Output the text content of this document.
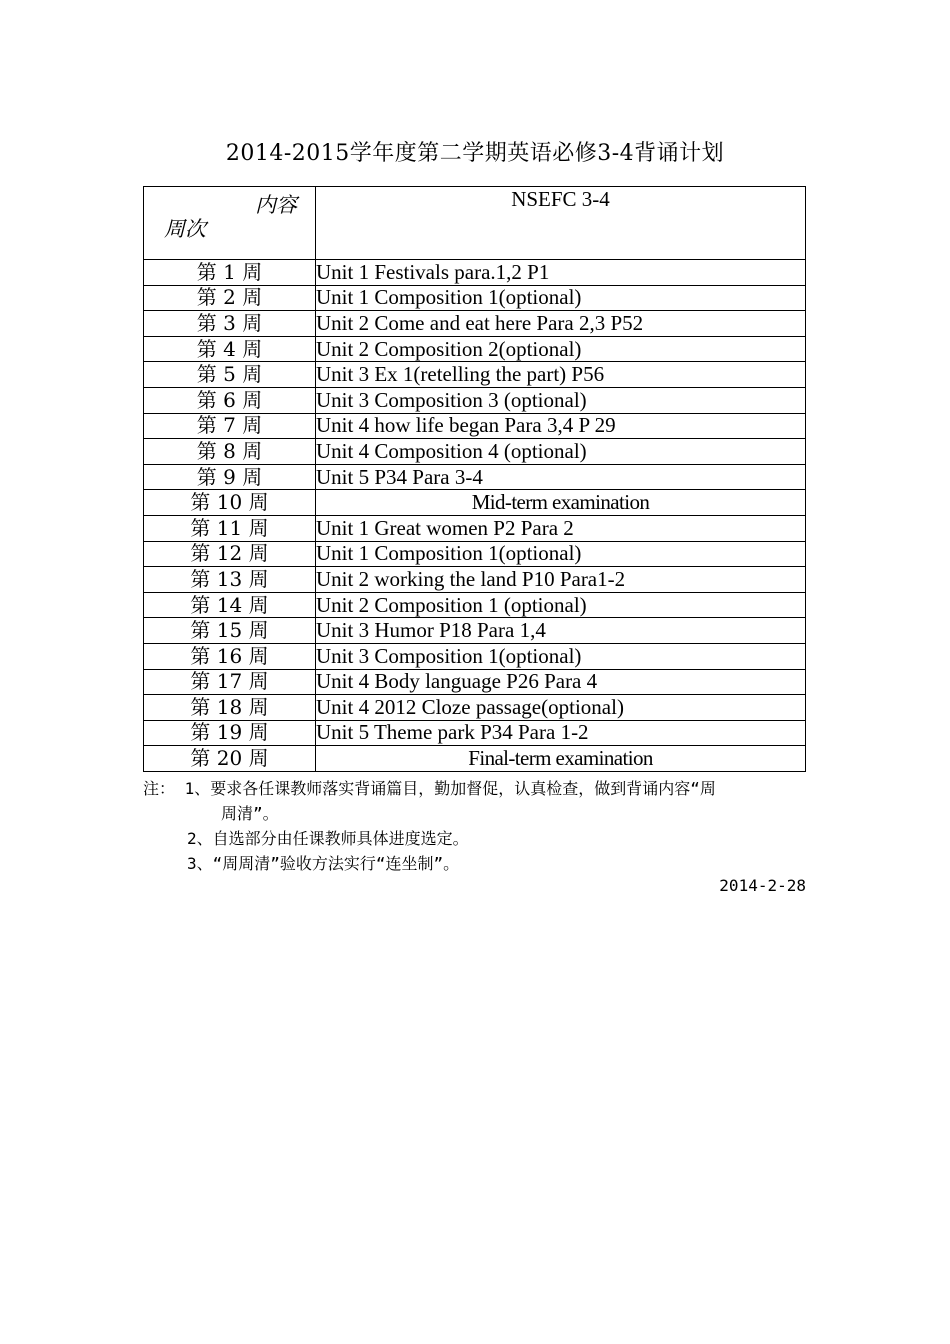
2014-2015学年度第二学期英语必修3-4背诵计划
内容
周次	NSEFC 3-4
第 1 周	Unit 1 Festivals para.1,2 P1
第 2 周	Unit 1 Composition 1(optional)
第 3 周	Unit 2 Come and eat here Para 2,3 P52
第 4 周	Unit 2 Composition 2(optional)
第 5 周	Unit 3 Ex 1(retelling the part) P56
第 6 周	Unit 3 Composition 3 (optional)
第 7 周	Unit 4 how life began Para 3,4 P 29
第 8 周	Unit 4 Composition 4 (optional)
第 9 周	Unit 5 P34 Para 3-4
第 10 周	Mid-term examination
第 11 周	Unit 1 Great women P2 Para 2
第 12 周	Unit 1 Composition 1(optional)
第 13 周	Unit 2 working the land P10 Para1-2
第 14 周	Unit 2 Composition 1 (optional)
第 15 周	Unit 3 Humor P18 Para 1,4
第 16 周	Unit 3 Composition 1(optional)
第 17 周	Unit 4 Body language P26 Para 4
第 18 周	Unit 4 2012 Cloze passage(optional)
第 19 周	Unit 5 Theme park P34 Para 1-2
第 20 周	Final-term examination
注： 1、要求各任课教师落实背诵篇目，勤加督促，认真检查，做到背诵内容“周
周清”。
2、自选部分由任课教师具体进度选定。
3、“周周清”验收方法实行“连坐制”。
2014-2-28
